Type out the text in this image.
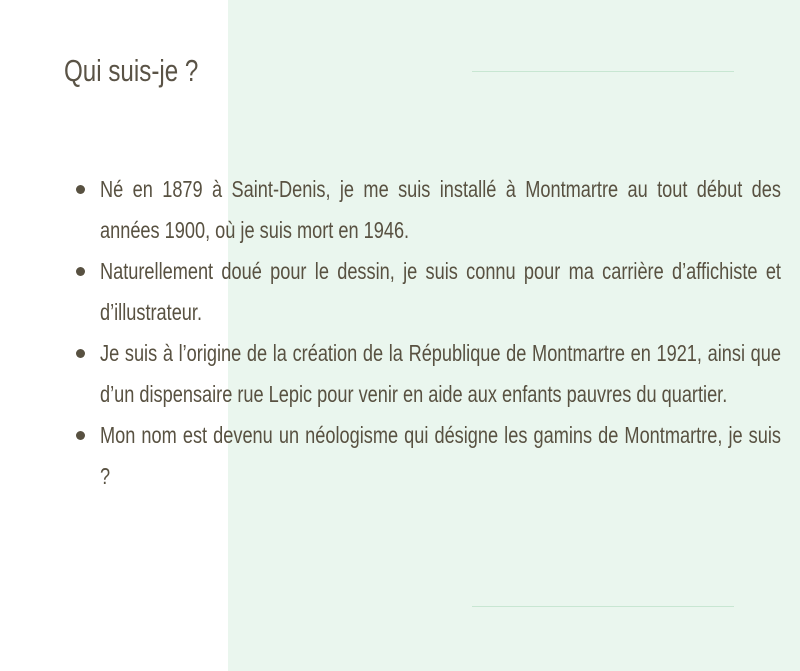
Qui suis-je ?
Né en 1879 à Saint-Denis, je me suis installé à Montmartre au tout début des années 1900, où je suis mort en 1946.
Naturellement doué pour le dessin, je suis connu pour ma carrière d’affichiste et d’illustrateur.
Je suis à l’origine de la création de la République de Montmartre en 1921, ainsi que d’un dispensaire rue Lepic pour venir en aide aux enfants pauvres du quartier.
Mon nom est devenu un néologisme qui désigne les gamins de Montmartre, je suis ?
